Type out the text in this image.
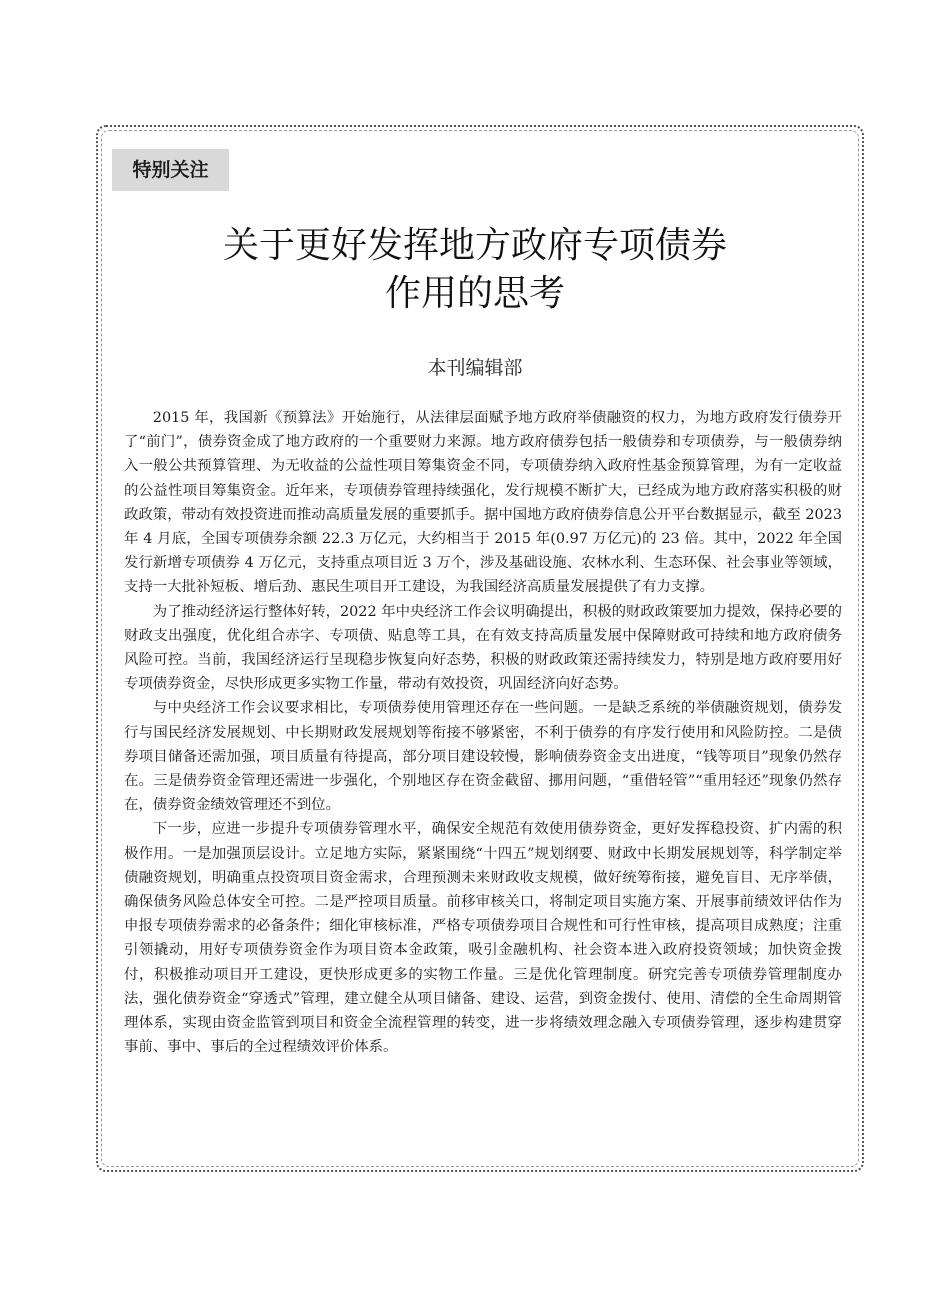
特别关注
关于更好发挥地方政府专项债券
作用的思考
本刊编辑部

2015 年，我国新《预算法》开始施行，从法律层面赋予地方政府举债融资的权力，为地方政府发行债券开了“前门”，债券资金成了地方政府的一个重要财力来源。地方政府债券包括一般债券和专项债券，与一般债券纳入一般公共预算管理、为无收益的公益性项目筹集资金不同，专项债券纳入政府性基金预算管理，为有一定收益的公益性项目筹集资金。近年来，专项债券管理持续强化，发行规模不断扩大，已经成为地方政府落实积极的财政政策，带动有效投资进而推动高质量发展的重要抓手。据中国地方政府债券信息公开平台数据显示，截至 2023 年 4 月底，全国专项债券余额 22.3 万亿元，大约相当于 2015 年(0.97 万亿元)的 23 倍。其中，2022 年全国发行新增专项债券 4 万亿元，支持重点项目近 3 万个，涉及基础设施、农林水利、生态环保、社会事业等领域，支持一大批补短板、增后劲、惠民生项目开工建设，为我国经济高质量发展提供了有力支撑。

为了推动经济运行整体好转，2022 年中央经济工作会议明确提出，积极的财政政策要加力提效，保持必要的财政支出强度，优化组合赤字、专项债、贴息等工具，在有效支持高质量发展中保障财政可持续和地方政府债务风险可控。当前，我国经济运行呈现稳步恢复向好态势，积极的财政政策还需持续发力，特别是地方政府要用好专项债券资金，尽快形成更多实物工作量，带动有效投资，巩固经济向好态势。

与中央经济工作会议要求相比，专项债券使用管理还存在一些问题。一是缺乏系统的举债融资规划，债券发行与国民经济发展规划、中长期财政发展规划等衔接不够紧密，不利于债券的有序发行使用和风险防控。二是债券项目储备还需加强，项目质量有待提高，部分项目建设较慢，影响债券资金支出进度，“钱等项目”现象仍然存在。三是债券资金管理还需进一步强化，个别地区存在资金截留、挪用问题，“重借轻管”“重用轻还”现象仍然存在，债券资金绩效管理还不到位。

下一步，应进一步提升专项债券管理水平，确保安全规范有效使用债券资金，更好发挥稳投资、扩内需的积极作用。一是加强顶层设计。立足地方实际，紧紧围绕“十四五”规划纲要、财政中长期发展规划等，科学制定举债融资规划，明确重点投资项目资金需求，合理预测未来财政收支规模，做好统筹衔接，避免盲目、无序举债，确保债务风险总体安全可控。二是严控项目质量。前移审核关口，将制定项目实施方案、开展事前绩效评估作为申报专项债券需求的必备条件；细化审核标准，严格专项债券项目合规性和可行性审核，提高项目成熟度；注重引领撬动，用好专项债券资金作为项目资本金政策，吸引金融机构、社会资本进入政府投资领域；加快资金拨付，积极推动项目开工建设，更快形成更多的实物工作量。三是优化管理制度。研究完善专项债券管理制度办法，强化债券资金“穿透式”管理，建立健全从项目储备、建设、运营，到资金拨付、使用、清偿的全生命周期管理体系，实现由资金监管到项目和资金全流程管理的转变，进一步将绩效理念融入专项债券管理，逐步构建贯穿事前、事中、事后的全过程绩效评价体系。
